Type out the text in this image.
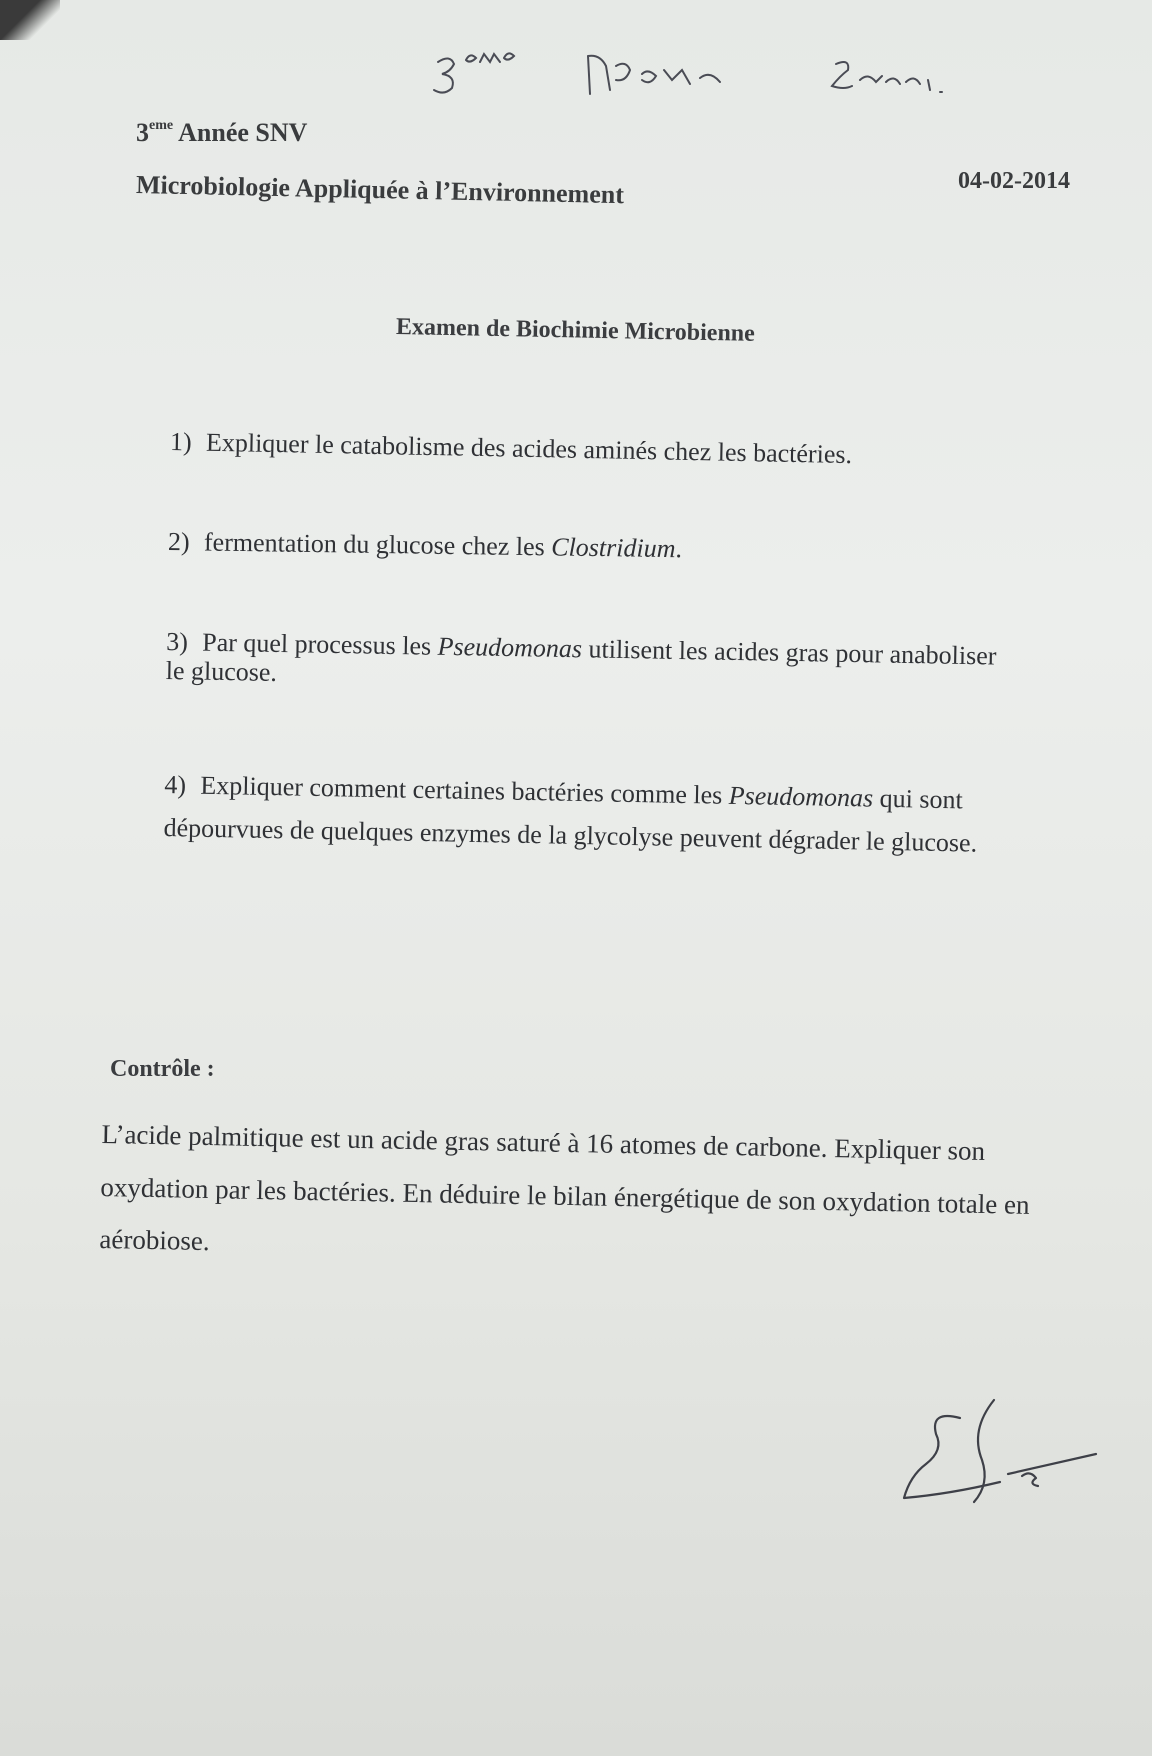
3ème Micro Sassi
3eme Année SNV
Microbiologie Appliquée à l’Environnement	04-02-2014
Examen de Biochimie Microbienne
1) Expliquer le catabolisme des acides aminés chez les bactéries.
2) fermentation du glucose chez les Clostridium.
3) Par quel processus les Pseudomonas utilisent les acides gras pour anaboliser le glucose.
4) Expliquer comment certaines bactéries comme les Pseudomonas qui sont dépourvues de quelques enzymes de la glycolyse peuvent dégrader le glucose.
Contrôle :
L’acide palmitique est un acide gras saturé à 16 atomes de carbone. Expliquer son oxydation par les bactéries. En déduire le bilan énergétique de son oxydation totale en aérobiose.
